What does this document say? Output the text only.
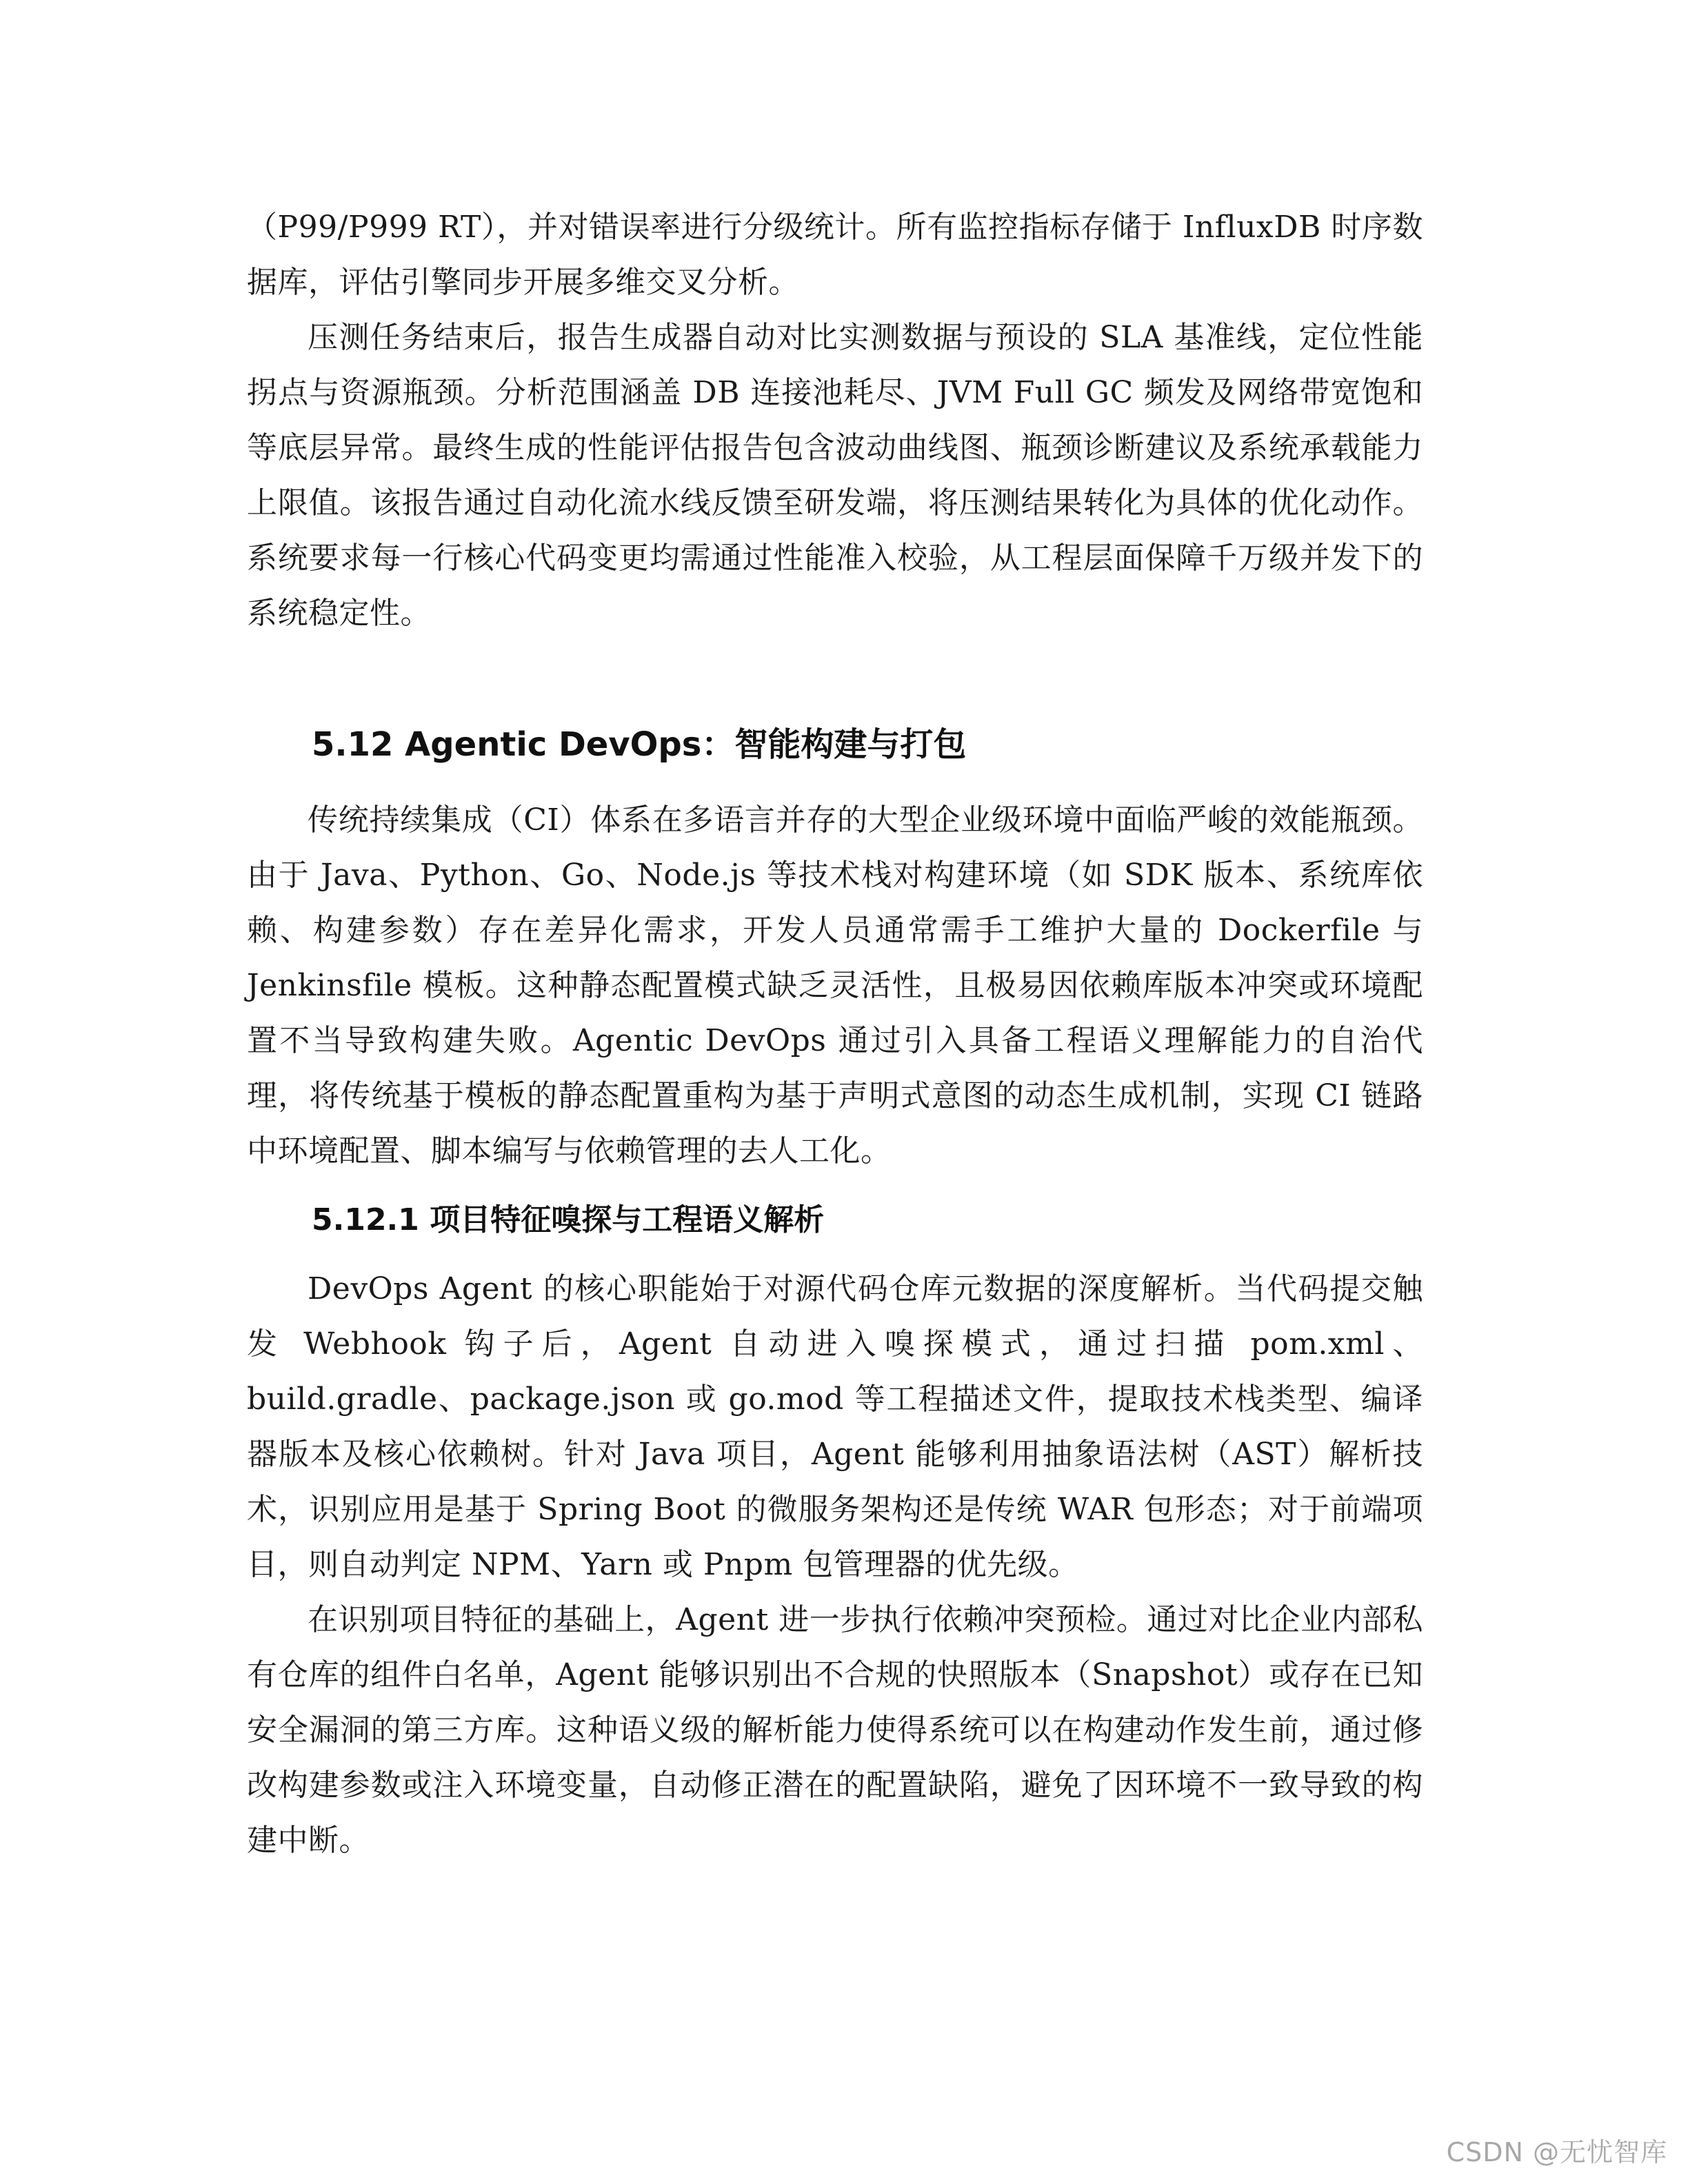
（P99/P999 RT），并对错误率进行分级统计。所有监控指标存储于 InfluxDB 时序数据库，评估引擎同步开展多维交叉分析。

压测任务结束后，报告生成器自动对比实测数据与预设的 SLA 基准线，定位性能拐点与资源瓶颈。分析范围涵盖 DB 连接池耗尽、JVM Full GC 频发及网络带宽饱和等底层异常。最终生成的性能评估报告包含波动曲线图、瓶颈诊断建议及系统承载能力上限值。该报告通过自动化流水线反馈至研发端，将压测结果转化为具体的优化动作。系统要求每一行核心代码变更均需通过性能准入校验，从工程层面保障千万级并发下的系统稳定性。

5.12 Agentic DevOps：智能构建与打包

传统持续集成（CI）体系在多语言并存的大型企业级环境中面临严峻的效能瓶颈。由于 Java、Python、Go、Node.js 等技术栈对构建环境（如 SDK 版本、系统库依赖、构建参数）存在差异化需求，开发人员通常需手工维护大量的 Dockerfile 与 Jenkinsfile 模板。这种静态配置模式缺乏灵活性，且极易因依赖库版本冲突或环境配置不当导致构建失败。Agentic DevOps 通过引入具备工程语义理解能力的自治代理，将传统基于模板的静态配置重构为基于声明式意图的动态生成机制，实现 CI 链路中环境配置、脚本编写与依赖管理的去人工化。

5.12.1 项目特征嗅探与工程语义解析

DevOps Agent 的核心职能始于对源代码仓库元数据的深度解析。当代码提交触发 Webhook 钩子后，Agent 自动进入嗅探模式，通过扫描 pom.xml、build.gradle、package.json 或 go.mod 等工程描述文件，提取技术栈类型、编译器版本及核心依赖树。针对 Java 项目，Agent 能够利用抽象语法树（AST）解析技术，识别应用是基于 Spring Boot 的微服务架构还是传统 WAR 包形态；对于前端项目，则自动判定 NPM、Yarn 或 Pnpm 包管理器的优先级。

在识别项目特征的基础上，Agent 进一步执行依赖冲突预检。通过对比企业内部私有仓库的组件白名单，Agent 能够识别出不合规的快照版本（Snapshot）或存在已知安全漏洞的第三方库。这种语义级的解析能力使得系统可以在构建动作发生前，通过修改构建参数或注入环境变量，自动修正潜在的配置缺陷，避免了因环境不一致导致的构建中断。

CSDN @无忧智库
